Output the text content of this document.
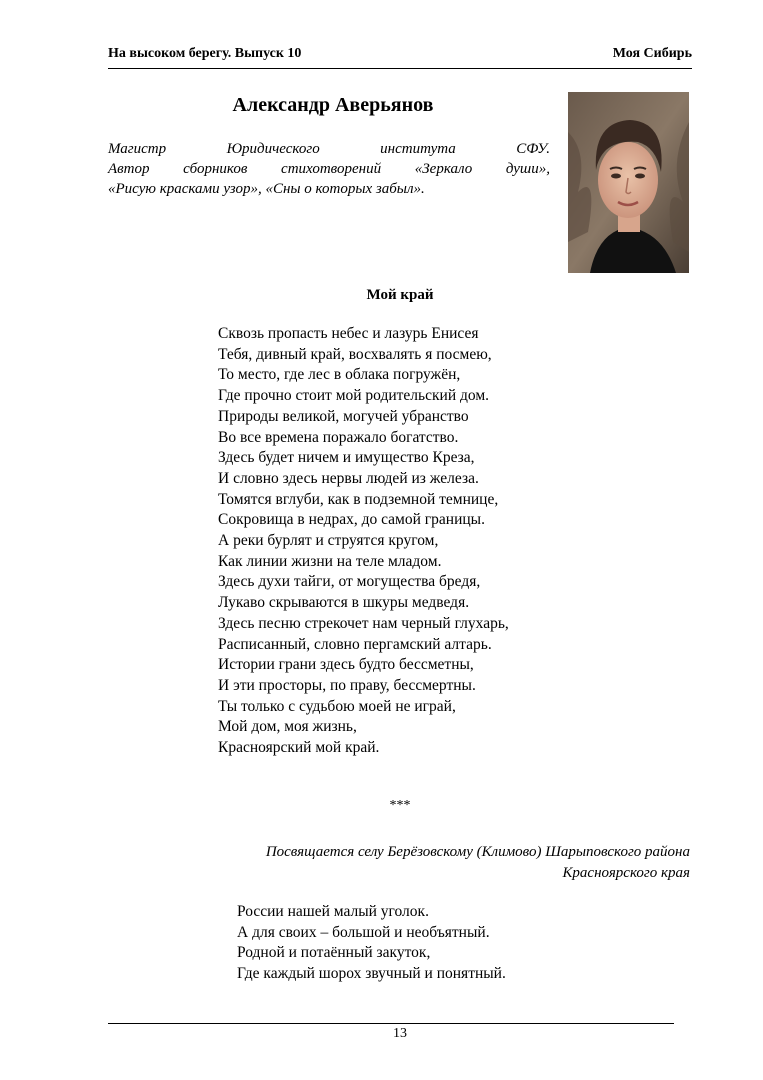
На высоком берегу. Выпуск 10	Моя Сибирь
Александр Аверьянов
Магистр Юридического института СФУ.
Автор сборников стихотворений «Зеркало души»,
«Рисую красками узор», «Сны о которых забыл».
Мой край
Сквозь пропасть небес и лазурь Енисея
Тебя, дивный край, восхвалять я посмею,
То место, где лес в облака погружён,
Где прочно стоит мой родительский дом.
Природы великой, могучей убранство
Во все времена поражало богатство.
Здесь будет ничем и имущество Креза,
И словно здесь нервы людей из железа.
Томятся вглуби, как в подземной темнице,
Сокровища в недрах, до самой границы.
А реки бурлят и струятся кругом,
Как линии жизни на теле младом.
Здесь духи тайги, от могущества бредя,
Лукаво скрываются в шкуры медведя.
Здесь песню стрекочет нам черный глухарь,
Расписанный, словно пергамский алтарь.
Истории грани здесь будто бессметны,
И эти просторы, по праву, бессмертны.
Ты только с судьбою моей не играй,
Мой дом, моя жизнь,
Красноярский мой край.
***
Посвящается селу Берёзовскому (Климово) Шарыповского района
Красноярского края
России нашей малый уголок.
А для своих – большой и необъятный.
Родной и потаённый закуток,
Где каждый шорох звучный и понятный.
13
